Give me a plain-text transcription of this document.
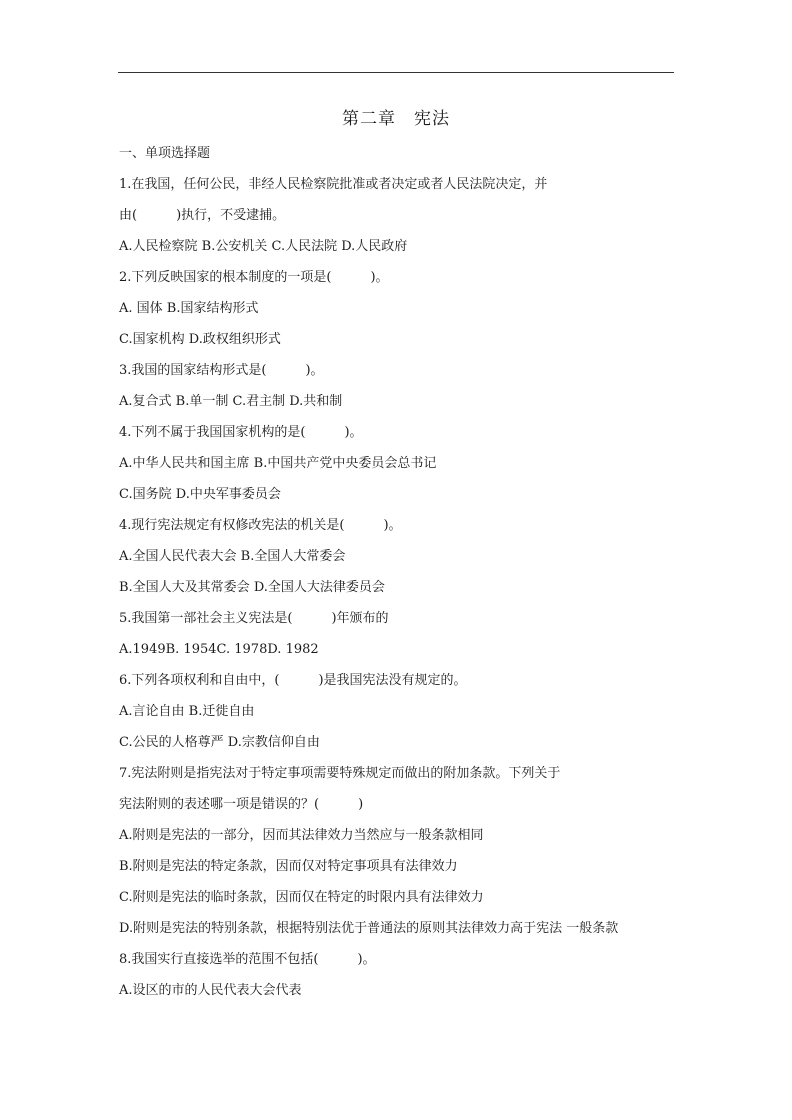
第二章　宪法
一、单项选择题
1.在我国，任何公民，非经人民检察院批准或者决定或者人民法院决定，并
由(　　　)执行，不受逮捕。
A.人民检察院 B.公安机关 C.人民法院 D.人民政府
2.下列反映国家的根本制度的一项是(　　　)。
A. 国体 B.国家结构形式
C.国家机构 D.政权组织形式
3.我国的国家结构形式是(　　　)。
A.复合式 B.单一制 C.君主制 D.共和制
4.下列不属于我国国家机构的是(　　　)。
A.中华人民共和国主席 B.中国共产党中央委员会总书记
C.国务院 D.中央军事委员会
4.现行宪法规定有权修改宪法的机关是(　　　)。
A.全国人民代表大会 B.全国人大常委会
B.全国人大及其常委会 D.全国人大法律委员会
5.我国第一部社会主义宪法是(　　　)年颁布的
A.1949B. 1954C. 1978D. 1982
6.下列各项权利和自由中，(　　　)是我国宪法没有规定的。
A.言论自由 B.迁徙自由
C.公民的人格尊严 D.宗教信仰自由
7.宪法附则是指宪法对于特定事项需要特殊规定而做出的附加条款。下列关于
宪法附则的表述哪一项是错误的？(　　　)
A.附则是宪法的一部分，因而其法律效力当然应与一般条款相同
B.附则是宪法的特定条款，因而仅对特定事项具有法律效力
C.附则是宪法的临时条款，因而仅在特定的时限内具有法律效力
D.附则是宪法的特别条款，根据特别法优于普通法的原则其法律效力高于宪法 一般条款
8.我国实行直接选举的范围不包括(　　　)。
A.设区的市的人民代表大会代表
